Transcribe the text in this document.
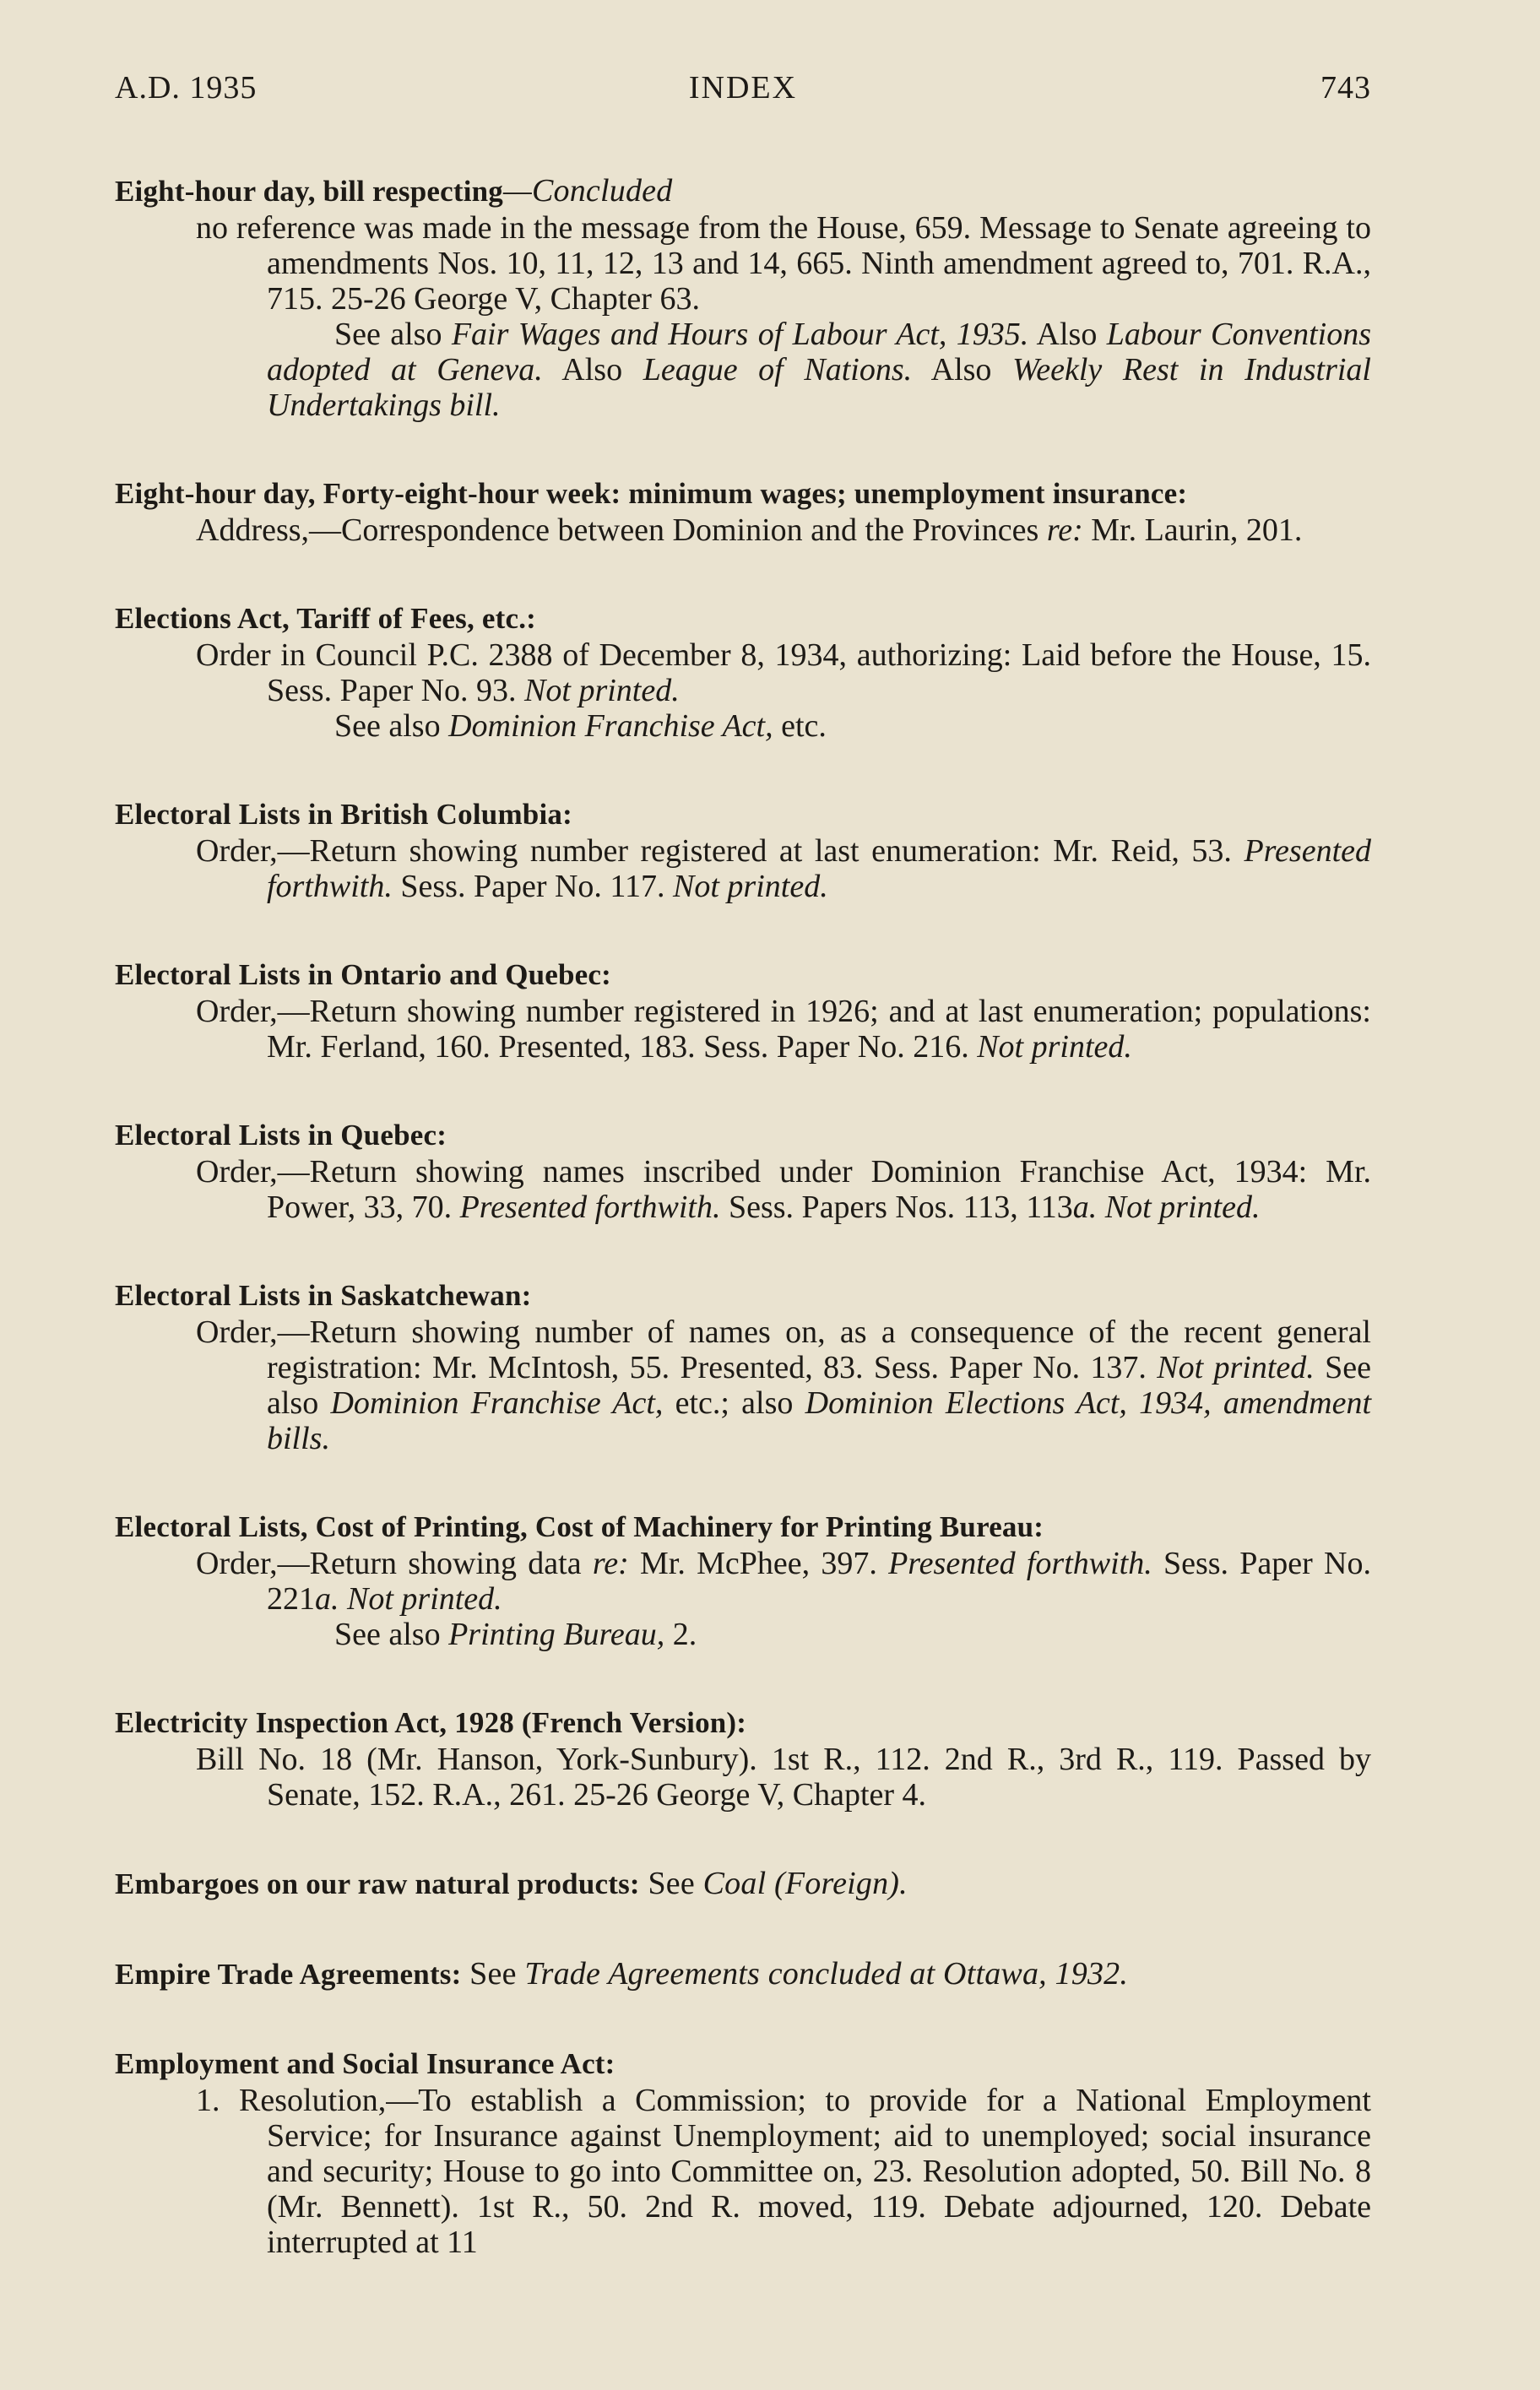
A.D. 1935	INDEX	743
Eight-hour day, bill respecting—Concluded

no reference was made in the message from the House, 659. Message to Senate agreeing to amendments Nos. 10, 11, 12, 13 and 14, 665. Ninth amendment agreed to, 701. R.A., 715. 25-26 George V, Chapter 63.

See also Fair Wages and Hours of Labour Act, 1935. Also Labour Conventions adopted at Geneva. Also League of Nations. Also Weekly Rest in Industrial Undertakings bill.

Eight-hour day, Forty-eight-hour week: minimum wages; unemployment insurance:

Address,—Correspondence between Dominion and the Provinces re: Mr. Laurin, 201.

Elections Act, Tariff of Fees, etc.:

Order in Council P.C. 2388 of December 8, 1934, authorizing: Laid before the House, 15. Sess. Paper No. 93. Not printed.

See also Dominion Franchise Act, etc.

Electoral Lists in British Columbia:

Order,—Return showing number registered at last enumeration: Mr. Reid, 53. Presented forthwith. Sess. Paper No. 117. Not printed.

Electoral Lists in Ontario and Quebec:

Order,—Return showing number registered in 1926; and at last enumeration; populations: Mr. Ferland, 160. Presented, 183. Sess. Paper No. 216. Not printed.

Electoral Lists in Quebec:

Order,—Return showing names inscribed under Dominion Franchise Act, 1934: Mr. Power, 33, 70. Presented forthwith. Sess. Papers Nos. 113, 113a. Not printed.

Electoral Lists in Saskatchewan:

Order,—Return showing number of names on, as a consequence of the recent general registration: Mr. McIntosh, 55. Presented, 83. Sess. Paper No. 137. Not printed. See also Dominion Franchise Act, etc.; also Dominion Elections Act, 1934, amendment bills.

Electoral Lists, Cost of Printing, Cost of Machinery for Printing Bureau:

Order,—Return showing data re: Mr. McPhee, 397. Presented forthwith. Sess. Paper No. 221a. Not printed.

See also Printing Bureau, 2.

Electricity Inspection Act, 1928 (French Version):

Bill No. 18 (Mr. Hanson, York-Sunbury). 1st R., 112. 2nd R., 3rd R., 119. Passed by Senate, 152. R.A., 261. 25-26 George V, Chapter 4.

Embargoes on our raw natural products: See Coal (Foreign).
Empire Trade Agreements: See Trade Agreements concluded at Ottawa, 1932.
Employment and Social Insurance Act:

1. Resolution,—To establish a Commission; to provide for a National Employment Service; for Insurance against Unemployment; aid to unemployed; social insurance and security; House to go into Committee on, 23. Resolution adopted, 50. Bill No. 8 (Mr. Bennett). 1st R., 50. 2nd R. moved, 119. Debate adjourned, 120. Debate interrupted at 11
